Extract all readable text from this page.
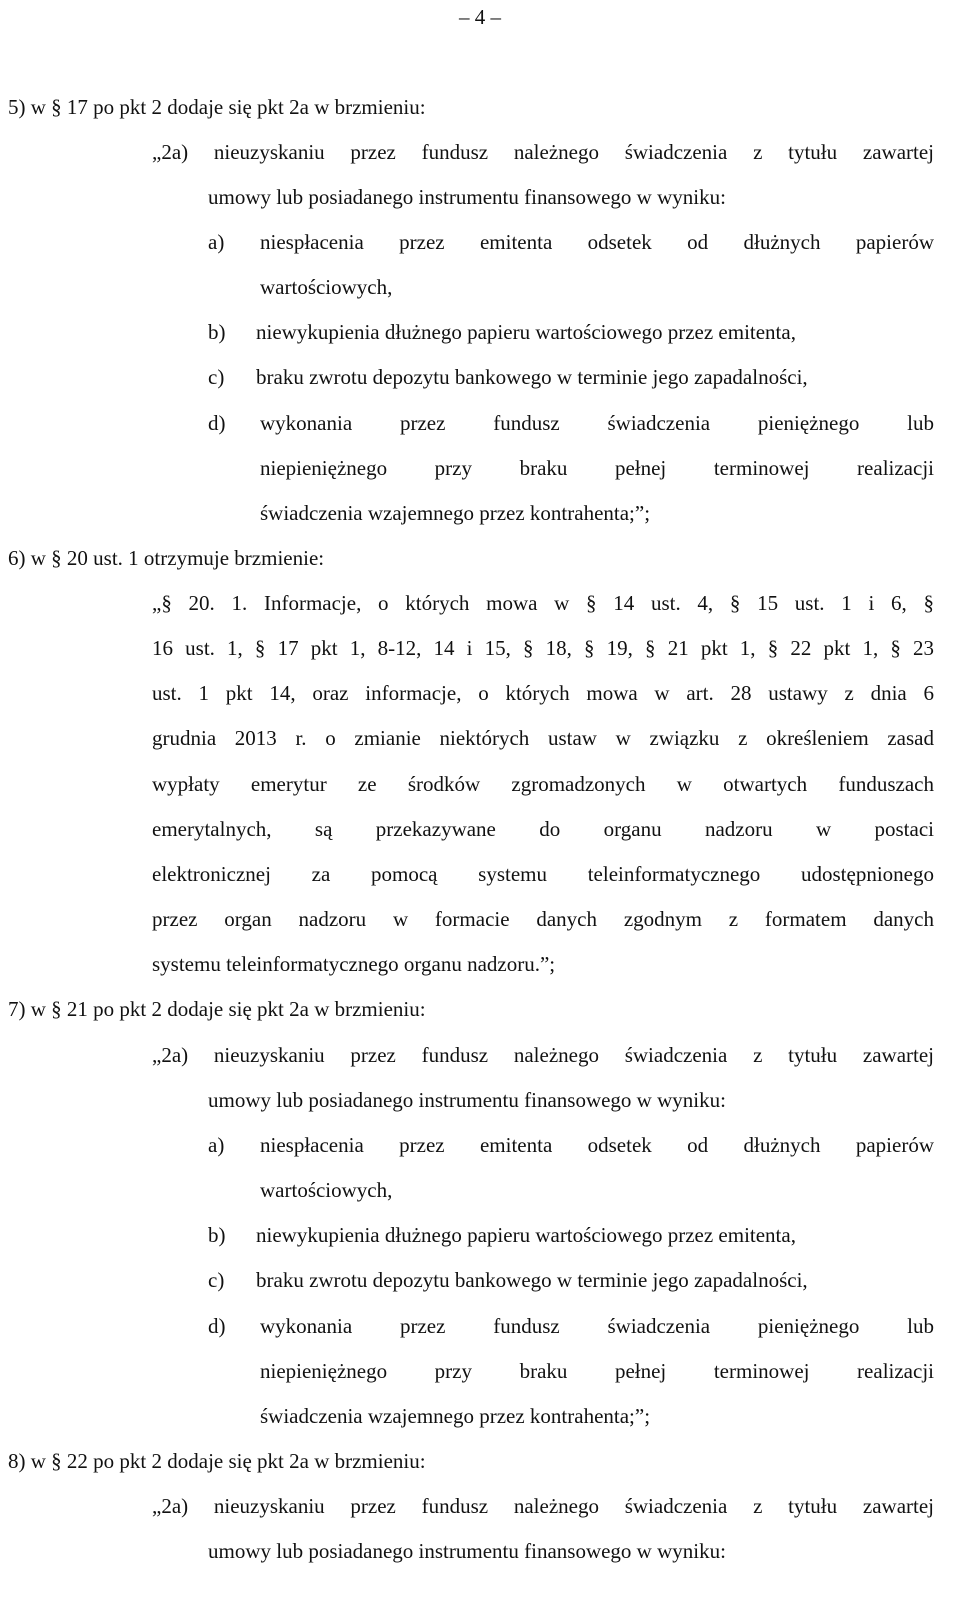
– 4 –
5) w § 17 po pkt 2 dodaje się pkt 2a w brzmieniu:
„2a) nieuzyskaniu przez fundusz należnego świadczenia z tytułu zawartej
umowy lub posiadanego instrumentu finansowego w wyniku:
a) niespłacenia przez emitenta odsetek od dłużnych papierów
wartościowych,
b) niewykupienia dłużnego papieru wartościowego przez emitenta,
c) braku zwrotu depozytu bankowego w terminie jego zapadalności,
d) wykonania przez fundusz świadczenia pieniężnego lub
niepieniężnego przy braku pełnej terminowej realizacji
świadczenia wzajemnego przez kontrahenta;”;
6) w § 20 ust. 1 otrzymuje brzmienie:
„§ 20. 1. Informacje, o których mowa w § 14 ust. 4, § 15 ust. 1 i 6, §
16 ust. 1, § 17 pkt 1, 8-12, 14 i 15, § 18, § 19, § 21 pkt 1, § 22 pkt 1, § 23
ust. 1 pkt 14, oraz informacje, o których mowa w art. 28 ustawy z dnia 6
grudnia 2013 r. o zmianie niektórych ustaw w związku z określeniem zasad
wypłaty emerytur ze środków zgromadzonych w otwartych funduszach
emerytalnych, są przekazywane do organu nadzoru w postaci
elektronicznej za pomocą systemu teleinformatycznego udostępnionego
przez organ nadzoru w formacie danych zgodnym z formatem danych
systemu teleinformatycznego organu nadzoru.”;
7) w § 21 po pkt 2 dodaje się pkt 2a w brzmieniu:
„2a) nieuzyskaniu przez fundusz należnego świadczenia z tytułu zawartej
umowy lub posiadanego instrumentu finansowego w wyniku:
a) niespłacenia przez emitenta odsetek od dłużnych papierów
wartościowych,
b) niewykupienia dłużnego papieru wartościowego przez emitenta,
c) braku zwrotu depozytu bankowego w terminie jego zapadalności,
d) wykonania przez fundusz świadczenia pieniężnego lub
niepieniężnego przy braku pełnej terminowej realizacji
świadczenia wzajemnego przez kontrahenta;”;
8) w § 22 po pkt 2 dodaje się pkt 2a w brzmieniu:
„2a) nieuzyskaniu przez fundusz należnego świadczenia z tytułu zawartej
umowy lub posiadanego instrumentu finansowego w wyniku:
